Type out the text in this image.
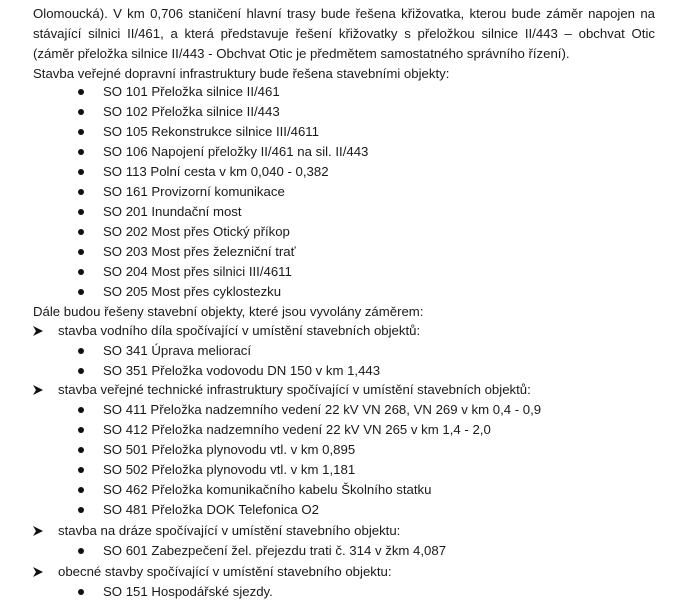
Olomoucká). V km 0,706 staničení hlavní trasy bude řešena křižovatka, kterou bude záměr napojen na
stávající silnici II/461, a která představuje řešení křižovatky s přeložkou silnice II/443 – obchvat Otic
(záměr přeložka silnice II/443 - Obchvat Otic je předmětem samostatného správního řízení).

Stavba veřejné dopravní infrastruktury bude řešena stavebními objekty:

SO 101 Přeložka silnice II/461
SO 102 Přeložka silnice II/443
SO 105 Rekonstrukce silnice III/4611
SO 106 Napojení přeložky II/461 na sil. II/443
SO 113 Polní cesta v km 0,040 - 0,382
SO 161 Provizorní komunikace
SO 201 Inundační most
SO 202 Most přes Otický příkop
SO 203 Most přes železniční trať
SO 204 Most přes silnici III/4611
SO 205 Most přes cyklostezku

Dále budou řešeny stavební objekty, které jsou vyvolány záměrem:

stavba vodního díla spočívající v umístění stavebních objektů:
SO 341 Úprava meliorací
SO 351 Přeložka vodovodu DN 150 v km 1,443
stavba veřejné technické infrastruktury spočívající v umístění stavebních objektů:
SO 411 Přeložka nadzemního vedení 22 kV VN 268, VN 269 v km 0,4 - 0,9
SO 412 Přeložka nadzemního vedení 22 kV VN 265 v km 1,4 - 2,0
SO 501 Přeložka plynovodu vtl. v km 0,895
SO 502 Přeložka plynovodu vtl. v km 1,181
SO 462 Přeložka komunikačního kabelu Školního statku
SO 481 Přeložka DOK Telefonica O2
stavba na dráze spočívající v umístění stavebního objektu:
SO 601 Zabezpečení žel. přejezdu trati č. 314 v žkm 4,087
obecné stavby spočívající v umístění stavebního objektu:
SO 151 Hospodářské sjezdy.
